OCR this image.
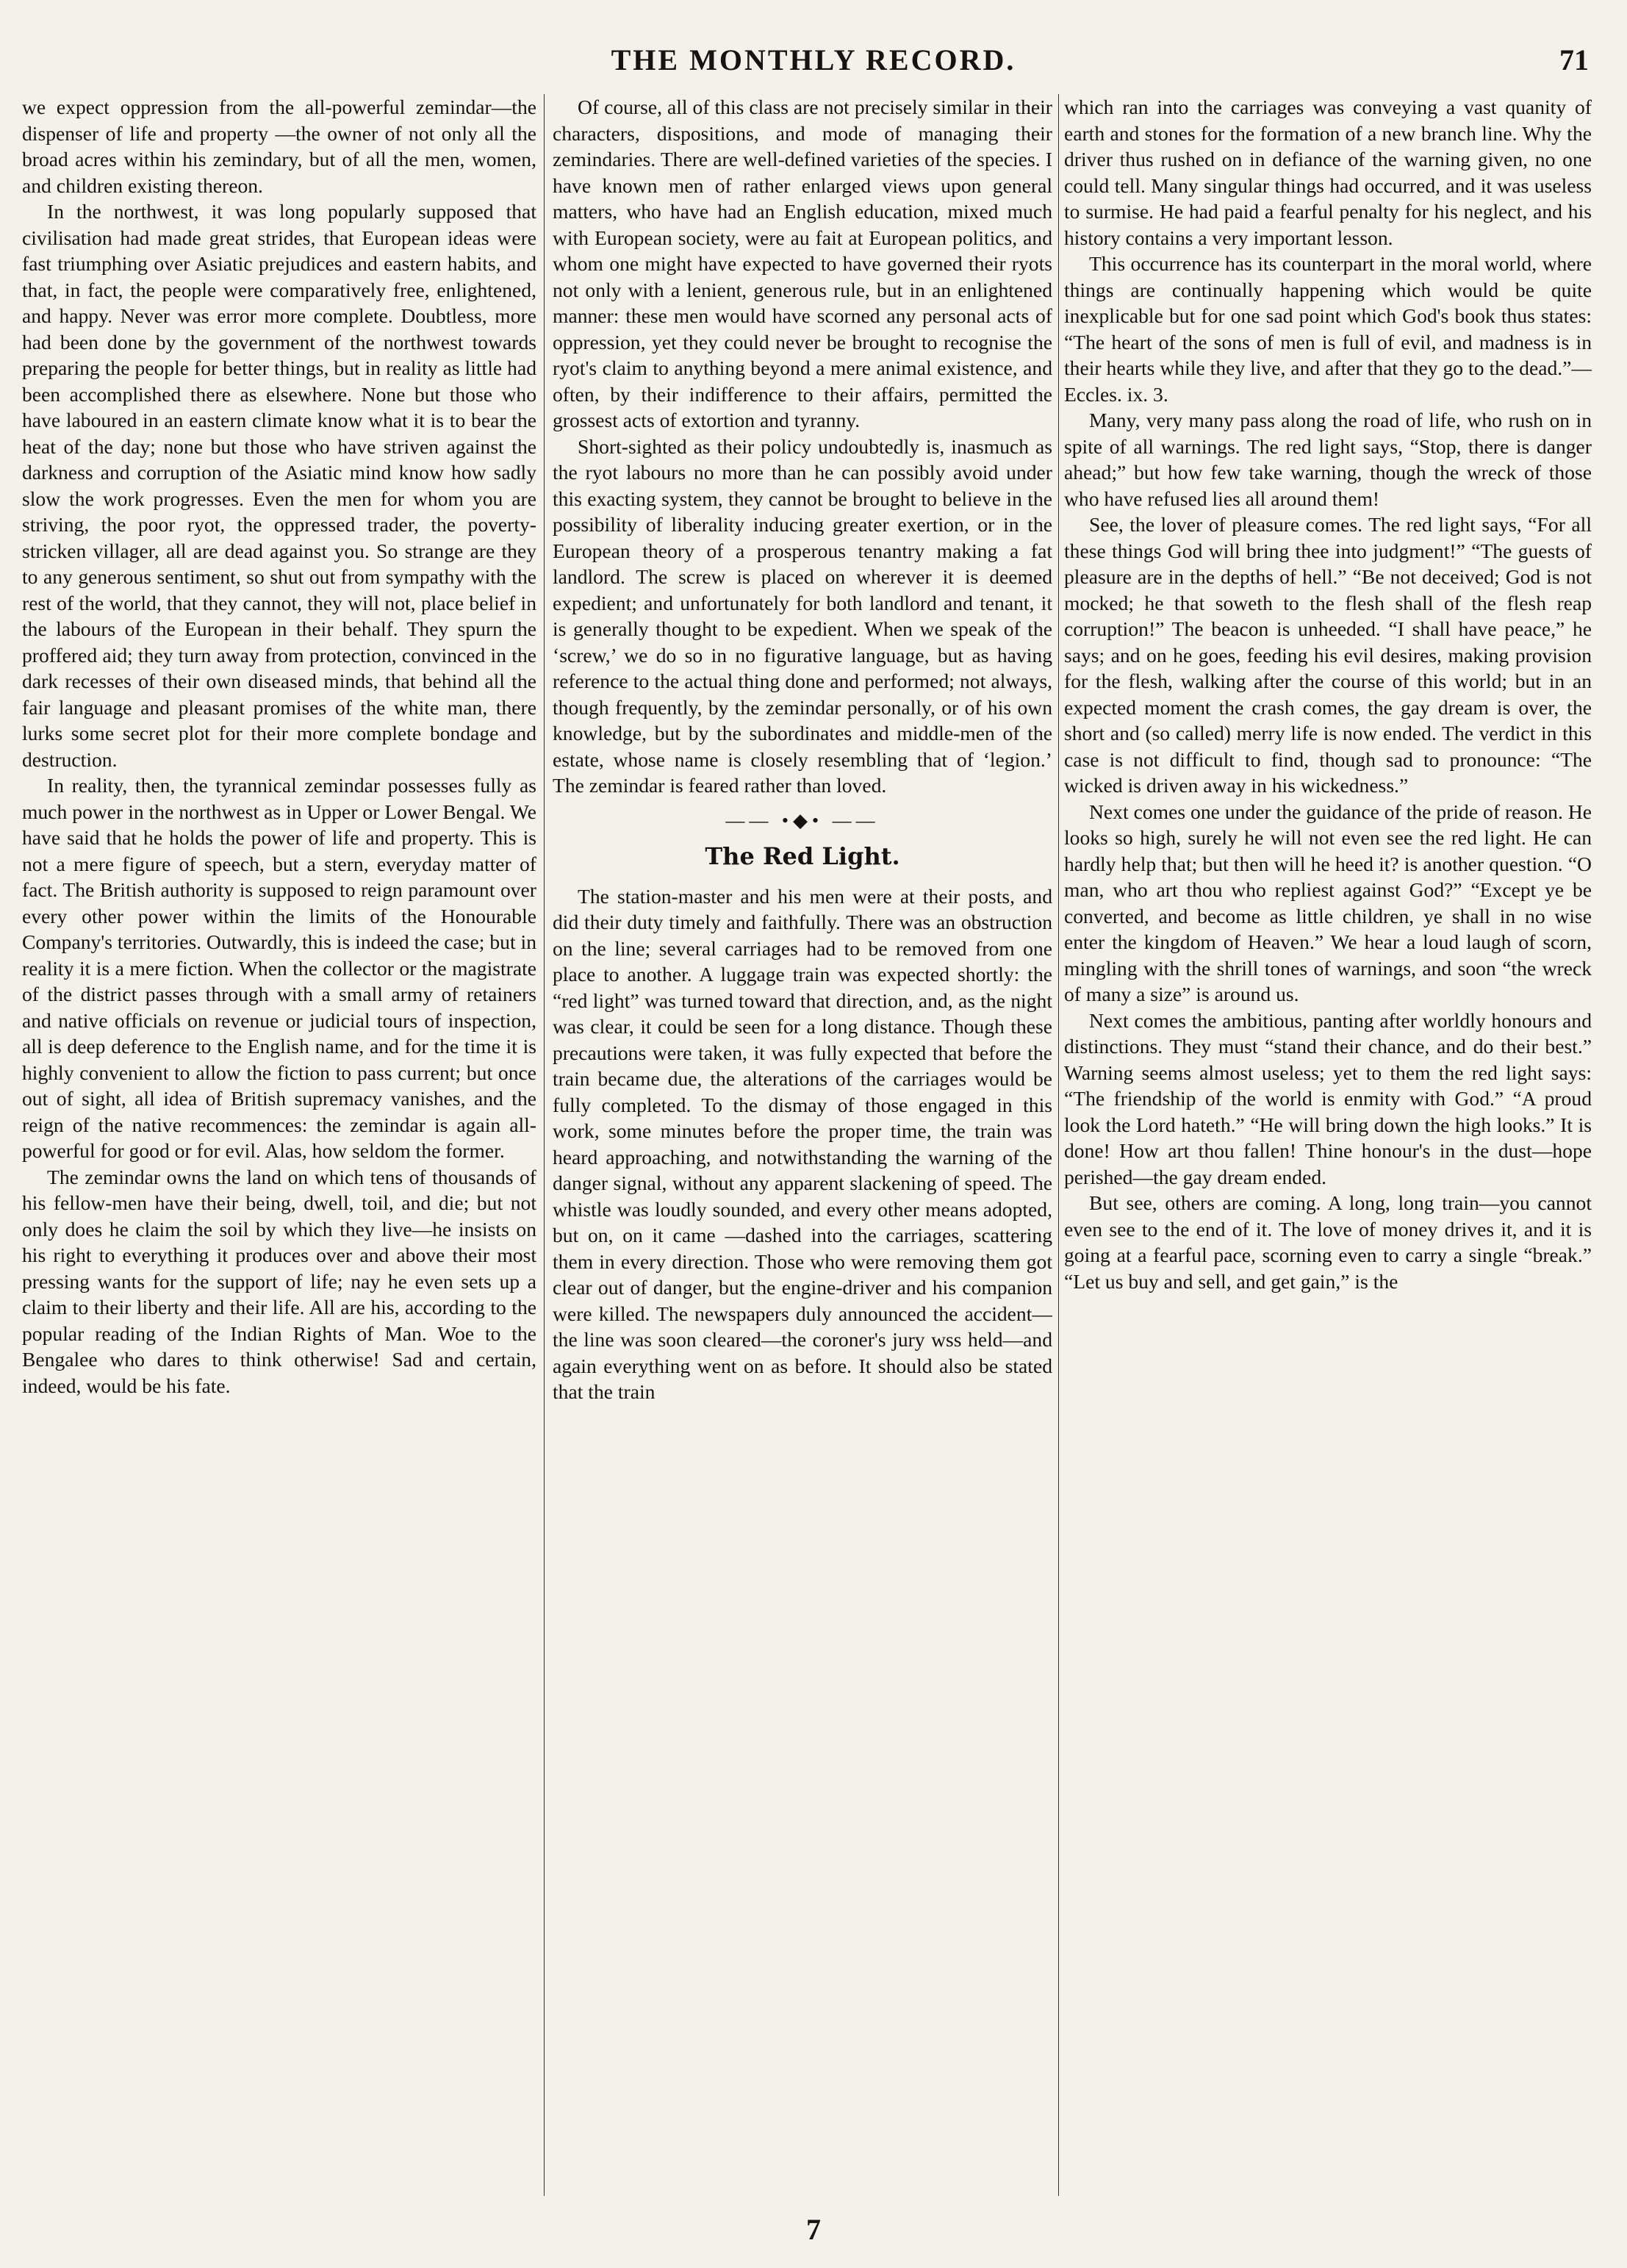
THE MONTHLY RECORD.	71

we expect oppression from the all-powerful zemindar—the dispenser of life and property —the owner of not only all the broad acres within his zemindary, but of all the men, women, and children existing thereon.

In the northwest, it was long popularly supposed that civilisation had made great strides, that European ideas were fast triumphing over Asiatic prejudices and eastern habits, and that, in fact, the people were comparatively free, enlightened, and happy. Never was error more complete. Doubtless, more had been done by the government of the northwest towards preparing the people for better things, but in reality as little had been accomplished there as elsewhere. None but those who have laboured in an eastern climate know what it is to bear the heat of the day; none but those who have striven against the darkness and corruption of the Asiatic mind know how sadly slow the work progresses. Even the men for whom you are striving, the poor ryot, the oppressed trader, the poverty-stricken villager, all are dead against you. So strange are they to any generous sentiment, so shut out from sympathy with the rest of the world, that they cannot, they will not, place belief in the labours of the European in their behalf. They spurn the proffered aid; they turn away from protection, convinced in the dark recesses of their own diseased minds, that behind all the fair language and pleasant promises of the white man, there lurks some secret plot for their more complete bondage and destruction.

In reality, then, the tyrannical zemindar possesses fully as much power in the northwest as in Upper or Lower Bengal. We have said that he holds the power of life and property. This is not a mere figure of speech, but a stern, everyday matter of fact. The British authority is supposed to reign paramount over every other power within the limits of the Honourable Company's territories. Outwardly, this is indeed the case; but in reality it is a mere fiction. When the collector or the magistrate of the district passes through with a small army of retainers and native officials on revenue or judicial tours of inspection, all is deep deference to the English name, and for the time it is highly convenient to allow the fiction to pass current; but once out of sight, all idea of British supremacy vanishes, and the reign of the native recommences: the zemindar is again all-powerful for good or for evil. Alas, how seldom the former.

The zemindar owns the land on which tens of thousands of his fellow-men have their being, dwell, toil, and die; but not only does he claim the soil by which they live—he insists on his right to everything it produces over and above their most pressing wants for the support of life; nay he even sets up a claim to their liberty and their life. All are his, according to the popular reading of the Indian Rights of Man. Woe to the Bengalee who dares to think otherwise! Sad and certain, indeed, would be his fate.

Of course, all of this class are not precisely similar in their characters, dispositions, and mode of managing their zemindaries. There are well-defined varieties of the species. I have known men of rather enlarged views upon general matters, who have had an English education, mixed much with European society, were au fait at European politics, and whom one might have expected to have governed their ryots not only with a lenient, generous rule, but in an enlightened manner: these men would have scorned any personal acts of oppression, yet they could never be brought to recognise the ryot's claim to anything beyond a mere animal existence, and often, by their indifference to their affairs, permitted the grossest acts of extortion and tyranny.

Short-sighted as their policy undoubtedly is, inasmuch as the ryot labours no more than he can possibly avoid under this exacting system, they cannot be brought to believe in the possibility of liberality inducing greater exertion, or in the European theory of a prosperous tenantry making a fat landlord. The screw is placed on wherever it is deemed expedient; and unfortunately for both landlord and tenant, it is generally thought to be expedient. When we speak of the ‘screw,’ we do so in no figurative language, but as having reference to the actual thing done and performed; not always, though frequently, by the zemindar personally, or of his own knowledge, but by the subordinates and middle-men of the estate, whose name is closely resembling that of ‘legion.’ The zemindar is feared rather than loved.

—— •◆• ——
The Red Light.

The station-master and his men were at their posts, and did their duty timely and faithfully. There was an obstruction on the line; several carriages had to be removed from one place to another. A luggage train was expected shortly: the “red light” was turned toward that direction, and, as the night was clear, it could be seen for a long distance. Though these precautions were taken, it was fully expected that before the train became due, the alterations of the carriages would be fully completed. To the dismay of those engaged in this work, some minutes before the proper time, the train was heard approaching, and notwithstanding the warning of the danger signal, without any apparent slackening of speed. The whistle was loudly sounded, and every other means adopted, but on, on it came —dashed into the carriages, scattering them in every direction. Those who were removing them got clear out of danger, but the engine-driver and his companion were killed. The newspapers duly announced the accident—the line was soon cleared—the coroner's jury wss held—and again everything went on as before. It should also be stated that the train

which ran into the carriages was conveying a vast quanity of earth and stones for the formation of a new branch line. Why the driver thus rushed on in defiance of the warning given, no one could tell. Many singular things had occurred, and it was useless to surmise. He had paid a fearful penalty for his neglect, and his history contains a very important lesson.

This occurrence has its counterpart in the moral world, where things are continually happening which would be quite inexplicable but for one sad point which God's book thus states: “The heart of the sons of men is full of evil, and madness is in their hearts while they live, and after that they go to the dead.”—Eccles. ix. 3.

Many, very many pass along the road of life, who rush on in spite of all warnings. The red light says, “Stop, there is danger ahead;” but how few take warning, though the wreck of those who have refused lies all around them!

See, the lover of pleasure comes. The red light says, “For all these things God will bring thee into judgment!” “The guests of pleasure are in the depths of hell.” “Be not deceived; God is not mocked; he that soweth to the flesh shall of the flesh reap corruption!” The beacon is unheeded. “I shall have peace,” he says; and on he goes, feeding his evil desires, making provision for the flesh, walking after the course of this world; but in an expected moment the crash comes, the gay dream is over, the short and (so called) merry life is now ended. The verdict in this case is not difficult to find, though sad to pronounce: “The wicked is driven away in his wickedness.”

Next comes one under the guidance of the pride of reason. He looks so high, surely he will not even see the red light. He can hardly help that; but then will he heed it? is another question. “O man, who art thou who repliest against God?” “Except ye be converted, and become as little children, ye shall in no wise enter the kingdom of Heaven.” We hear a loud laugh of scorn, mingling with the shrill tones of warnings, and soon “the wreck of many a size” is around us.

Next comes the ambitious, panting after worldly honours and distinctions. They must “stand their chance, and do their best.” Warning seems almost useless; yet to them the red light says: “The friendship of the world is enmity with God.” “A proud look the Lord hateth.” “He will bring down the high looks.” It is done! How art thou fallen! Thine honour's in the dust—hope perished—the gay dream ended.

But see, others are coming. A long, long train—you cannot even see to the end of it. The love of money drives it, and it is going at a fearful pace, scorning even to carry a single “break.” “Let us buy and sell, and get gain,” is the

7
